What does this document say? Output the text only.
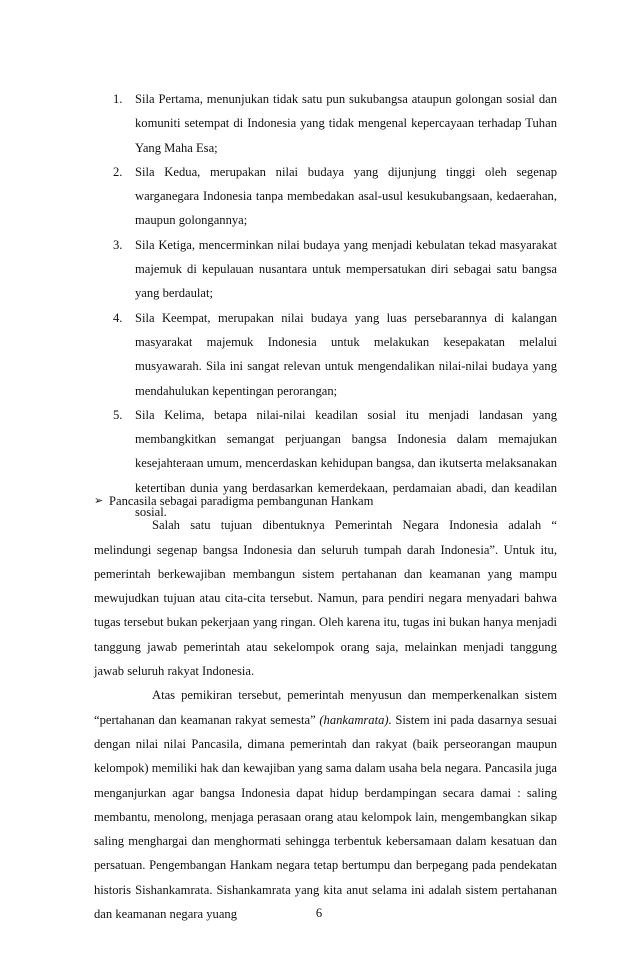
1. Sila Pertama, menunjukan tidak satu pun sukubangsa ataupun golongan sosial dan komuniti setempat di Indonesia yang tidak mengenal kepercayaan terhadap Tuhan Yang Maha Esa;
2. Sila Kedua, merupakan nilai budaya yang dijunjung tinggi oleh segenap warganegara Indonesia tanpa membedakan asal-usul kesukubangsaan, kedaerahan, maupun golongannya;
3. Sila Ketiga, mencerminkan nilai budaya yang menjadi kebulatan tekad masyarakat majemuk di kepulauan nusantara untuk mempersatukan diri sebagai satu bangsa yang berdaulat;
4. Sila Keempat, merupakan nilai budaya yang luas persebarannya di kalangan masyarakat majemuk Indonesia untuk melakukan kesepakatan melalui musyawarah. Sila ini sangat relevan untuk mengendalikan nilai-nilai budaya yang mendahulukan kepentingan perorangan;
5. Sila Kelima, betapa nilai-nilai keadilan sosial itu menjadi landasan yang membangkitkan semangat perjuangan bangsa Indonesia dalam memajukan kesejahteraan umum, mencerdaskan kehidupan bangsa, dan ikutserta melaksanakan ketertiban dunia yang berdasarkan kemerdekaan, perdamaian abadi, dan keadilan sosial.

➢ Pancasila sebagai paradigma pembangunan Hankam

Salah satu tujuan dibentuknya Pemerintah Negara Indonesia adalah “ melindungi segenap bangsa Indonesia dan seluruh tumpah darah Indonesia”. Untuk itu, pemerintah berkewajiban membangun sistem pertahanan dan keamanan yang mampu mewujudkan tujuan atau cita-cita tersebut. Namun, para pendiri negara menyadari bahwa tugas tersebut bukan pekerjaan yang ringan. Oleh karena itu, tugas ini bukan hanya menjadi tanggung jawab pemerintah atau sekelompok orang saja, melainkan menjadi tanggung jawab seluruh rakyat Indonesia.

Atas pemikiran tersebut, pemerintah menyusun dan memperkenalkan sistem “pertahanan dan keamanan rakyat semesta” (hankamrata). Sistem ini pada dasarnya sesuai dengan nilai nilai Pancasila, dimana pemerintah dan rakyat (baik perseorangan maupun kelompok) memiliki hak dan kewajiban yang sama dalam usaha bela negara. Pancasila juga menganjurkan agar bangsa Indonesia dapat hidup berdampingan secara damai : saling membantu, menolong, menjaga perasaan orang atau kelompok lain, mengembangkan sikap saling menghargai dan menghormati sehingga terbentuk kebersamaan dalam kesatuan dan persatuan. Pengembangan Hankam negara tetap bertumpu dan berpegang pada pendekatan historis Sishankamrata. Sishankamrata yang kita anut selama ini adalah sistem pertahanan dan keamanan negara yuang	6
